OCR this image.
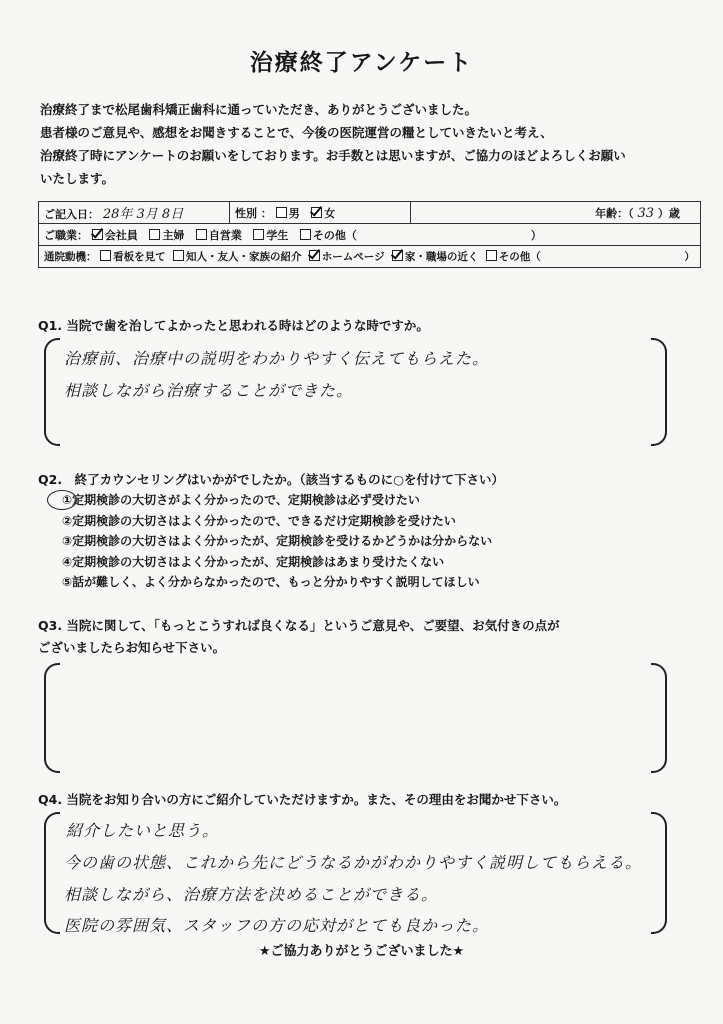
治療終了アンケート
治療終了まで松尾歯科矯正歯科に通っていただき、ありがとうございました。
患者様のご意見や、感想をお聞きすることで、今後の医院運営の糧としていきたいと考え、
治療終了時にアンケートのお願いをしております。お手数とは思いますが、ご協力のほどよろしくお願い
いたします。
ご記入日： 28年 3月 8日	性別 ： 男 女	年齢：（ 33 ）歳
ご職業： 会社員 主婦 自営業 学生 その他（	）
通院動機： 看板を見て 知人・友人・家族の紹介 ホームページ 家・職場の近く その他（	）
Q1. 当院で歯を治してよかったと思われる時はどのような時ですか。
治療前、治療中の説明をわかりやすく伝えてもらえた。
相談しながら治療することができた。
Q2.　終了カウンセリングはいかがでしたか。（該当するものに○を付けて下さい）
①定期検診の大切さがよく分かったので、定期検診は必ず受けたい
②定期検診の大切さはよく分かったので、できるだけ定期検診を受けたい
③定期検診の大切さはよく分かったが、定期検診を受けるかどうかは分からない
④定期検診の大切さはよく分かったが、定期検診はあまり受けたくない
⑤話が難しく、よく分からなかったので、もっと分かりやすく説明してほしい
Q3. 当院に関して、「もっとこうすれば良くなる」というご意見や、ご要望、お気付きの点が
ございましたらお知らせ下さい。
Q4. 当院をお知り合いの方にご紹介していただけますか。また、その理由をお聞かせ下さい。
紹介したいと思う。
今の歯の状態、これから先にどうなるかがわかりやすく説明してもらえる。
相談しながら、治療方法を決めることができる。
医院の雰囲気、スタッフの方の応対がとても良かった。
★ご協力ありがとうございました★
